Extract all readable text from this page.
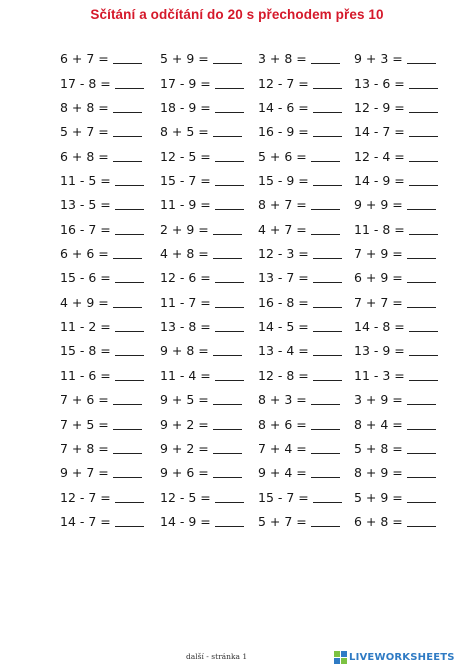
Sčítání a odčítání do 20 s přechodem přes 10
6 + 7 =	5 + 9 =	3 + 8 =	9 + 3 =
17 - 8 =	17 - 9 =	12 - 7 =	13 - 6 =
8 + 8 =	18 - 9 =	14 - 6 =	12 - 9 =
5 + 7 =	8 + 5 =	16 - 9 =	14 - 7 =
6 + 8 =	12 - 5 =	5 + 6 =	12 - 4 =
11 - 5 =	15 - 7 =	15 - 9 =	14 - 9 =
13 - 5 =	11 - 9 =	8 + 7 =	9 + 9 =
16 - 7 =	2 + 9 =	4 + 7 =	11 - 8 =
6 + 6 =	4 + 8 =	12 - 3 =	7 + 9 =
15 - 6 =	12 - 6 =	13 - 7 =	6 + 9 =
4 + 9 =	11 - 7 =	16 - 8 =	7 + 7 =
11 - 2 =	13 - 8 =	14 - 5 =	14 - 8 =
15 - 8 =	9 + 8 =	13 - 4 =	13 - 9 =
11 - 6 =	11 - 4 =	12 - 8 =	11 - 3 =
7 + 6 =	9 + 5 =	8 + 3 =	3 + 9 =
7 + 5 =	9 + 2 =	8 + 6 =	8 + 4 =
7 + 8 =	9 + 2 =	7 + 4 =	5 + 8 =
9 + 7 =	9 + 6 =	9 + 4 =	8 + 9 =
12 - 7 =	12 - 5 =	15 - 7 =	5 + 9 =
14 - 7 =	14 - 9 =	5 + 7 =	6 + 8 =
další - stránka 1	LIVEWORKSHEETS
